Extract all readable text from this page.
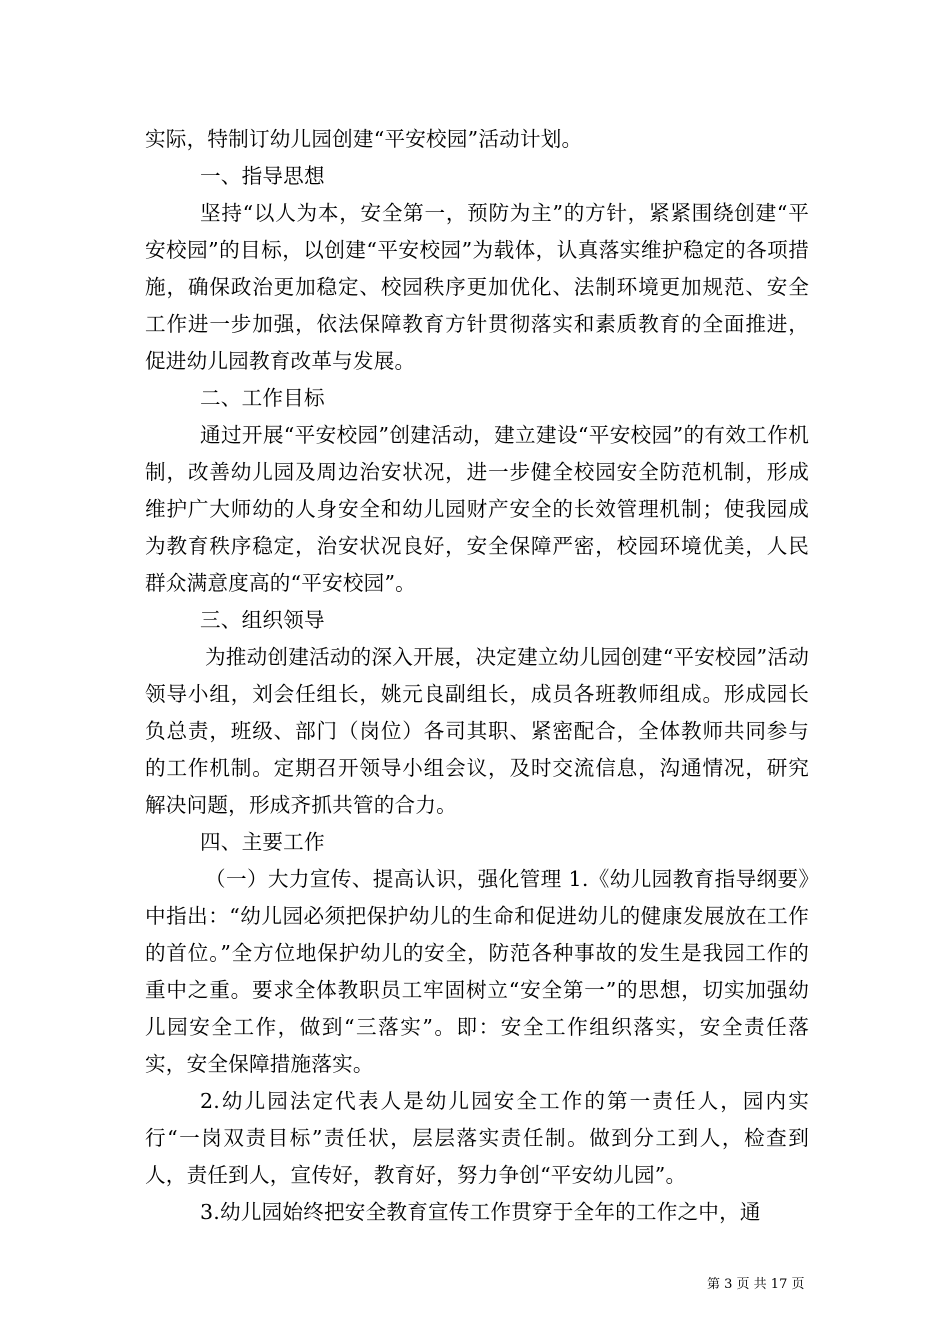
实际，特制订幼儿园创建“平安校园”活动计划。

一、指导思想

坚持“以人为本，安全第一，预防为主”的方针，紧紧围绕创建“平安校园”的目标，以创建“平安校园”为载体，认真落实维护稳定的各项措施，确保政治更加稳定、校园秩序更加优化、法制环境更加规范、安全工作进一步加强，依法保障教育方针贯彻落实和素质教育的全面推进，促进幼儿园教育改革与发展。

二、工作目标

通过开展“平安校园”创建活动，建立建设“平安校园”的有效工作机制，改善幼儿园及周边治安状况，进一步健全校园安全防范机制，形成维护广大师幼的人身安全和幼儿园财产安全的长效管理机制；使我园成为教育秩序稳定，治安状况良好，安全保障严密，校园环境优美，人民群众满意度高的“平安校园”。

三、组织领导

为推动创建活动的深入开展，决定建立幼儿园创建“平安校园”活动领导小组，刘会任组长，姚元良副组长，成员各班教师组成。形成园长负总责，班级、部门（岗位）各司其职、紧密配合，全体教师共同参与的工作机制。定期召开领导小组会议，及时交流信息，沟通情况，研究解决问题，形成齐抓共管的合力。

四、主要工作

（一）大力宣传、提高认识，强化管理 1.《幼儿园教育指导纲要》中指出：“幼儿园必须把保护幼儿的生命和促进幼儿的健康发展放在工作的首位。”全方位地保护幼儿的安全，防范各种事故的发生是我园工作的重中之重。要求全体教职员工牢固树立“安全第一”的思想，切实加强幼儿园安全工作，做到“三落实”。即：安全工作组织落实，安全责任落实，安全保障措施落实。

2.幼儿园法定代表人是幼儿园安全工作的第一责任人，园内实行“一岗双责目标”责任状，层层落实责任制。做到分工到人，检查到人，责任到人，宣传好，教育好，努力争创“平安幼儿园”。

3.幼儿园始终把安全教育宣传工作贯穿于全年的工作之中，通

第 3 页 共 17 页
